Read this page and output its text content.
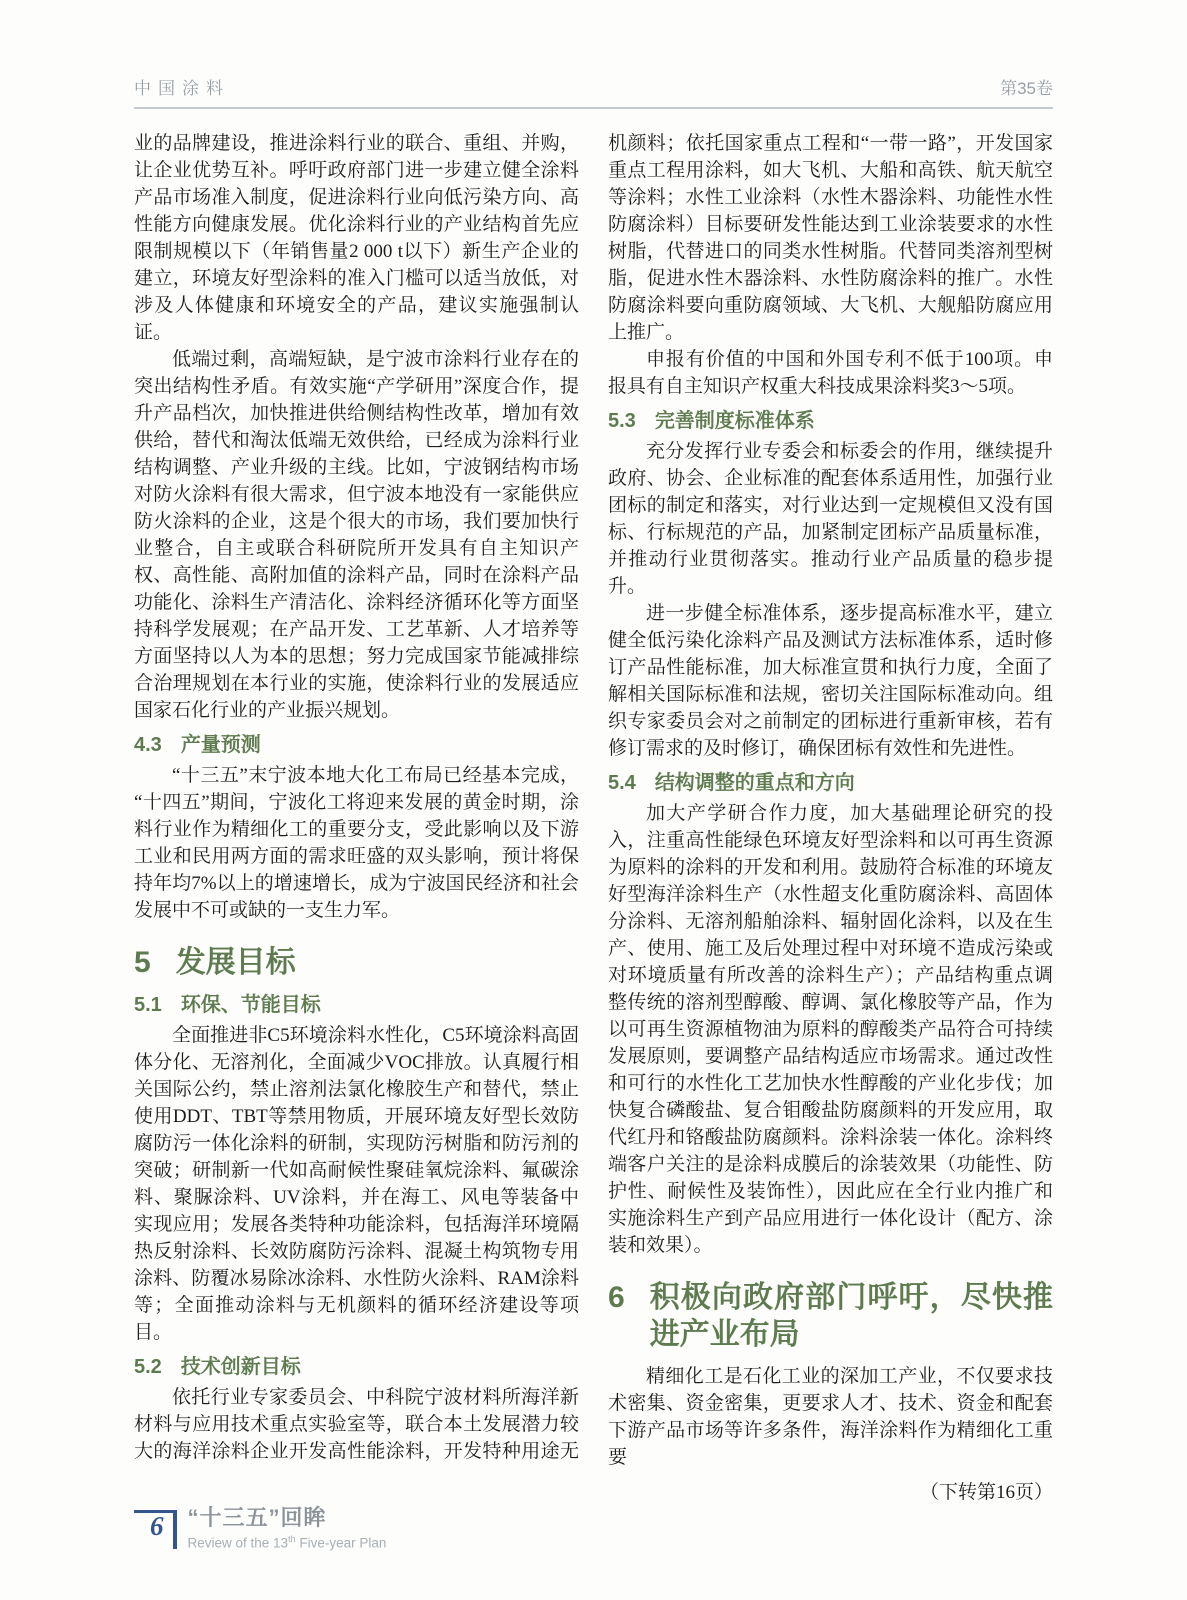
中国涂料	第35卷

业的品牌建设，推进涂料行业的联合、重组、并购，让企业优势互补。呼吁政府部门进一步建立健全涂料产品市场准入制度，促进涂料行业向低污染方向、高性能方向健康发展。优化涂料行业的产业结构首先应限制规模以下（年销售量2 000 t以下）新生产企业的建立，环境友好型涂料的准入门槛可以适当放低，对涉及人体健康和环境安全的产品，建议实施强制认证。

低端过剩，高端短缺，是宁波市涂料行业存在的突出结构性矛盾。有效实施“产学研用”深度合作，提升产品档次，加快推进供给侧结构性改革，增加有效供给，替代和淘汰低端无效供给，已经成为涂料行业结构调整、产业升级的主线。比如，宁波钢结构市场对防火涂料有很大需求，但宁波本地没有一家能供应防火涂料的企业，这是个很大的市场，我们要加快行业整合，自主或联合科研院所开发具有自主知识产权、高性能、高附加值的涂料产品，同时在涂料产品功能化、涂料生产清洁化、涂料经济循环化等方面坚持科学发展观；在产品开发、工艺革新、人才培养等方面坚持以人为本的思想；努力完成国家节能减排综合治理规划在本行业的实施，使涂料行业的发展适应国家石化行业的产业振兴规划。

4.3 产量预测

“十三五”末宁波本地大化工布局已经基本完成，“十四五”期间，宁波化工将迎来发展的黄金时期，涂料行业作为精细化工的重要分支，受此影响以及下游工业和民用两方面的需求旺盛的双头影响，预计将保持年均7%以上的增速增长，成为宁波国民经济和社会发展中不可或缺的一支生力军。

5 发展目标
5.1 环保、节能目标

全面推进非C5环境涂料水性化，C5环境涂料高固体分化、无溶剂化，全面减少VOC排放。认真履行相关国际公约，禁止溶剂法氯化橡胶生产和替代，禁止使用DDT、TBT等禁用物质，开展环境友好型长效防腐防污一体化涂料的研制，实现防污树脂和防污剂的突破；研制新一代如高耐候性聚硅氧烷涂料、氟碳涂料、聚脲涂料、UV涂料，并在海工、风电等装备中实现应用；发展各类特种功能涂料，包括海洋环境隔热反射涂料、长效防腐防污涂料、混凝土构筑物专用涂料、防覆冰易除冰涂料、水性防火涂料、RAM涂料等；全面推动涂料与无机颜料的循环经济建设等项目。

5.2 技术创新目标

依托行业专家委员会、中科院宁波材料所海洋新材料与应用技术重点实验室等，联合本土发展潜力较大的海洋涂料企业开发高性能涂料，开发特种用途无

机颜料；依托国家重点工程和“一带一路”，开发国家重点工程用涂料，如大飞机、大船和高铁、航天航空等涂料；水性工业涂料（水性木器涂料、功能性水性防腐涂料）目标要研发性能达到工业涂装要求的水性树脂，代替进口的同类水性树脂。代替同类溶剂型树脂，促进水性木器涂料、水性防腐涂料的推广。水性防腐涂料要向重防腐领域、大飞机、大舰船防腐应用上推广。

申报有价值的中国和外国专利不低于100项。申报具有自主知识产权重大科技成果涂料奖3～5项。

5.3 完善制度标准体系

充分发挥行业专委会和标委会的作用，继续提升政府、协会、企业标准的配套体系适用性，加强行业团标的制定和落实，对行业达到一定规模但又没有国标、行标规范的产品，加紧制定团标产品质量标准，并推动行业贯彻落实。推动行业产品质量的稳步提升。

进一步健全标准体系，逐步提高标准水平，建立健全低污染化涂料产品及测试方法标准体系，适时修订产品性能标准，加大标准宣贯和执行力度，全面了解相关国际标准和法规，密切关注国际标准动向。组织专家委员会对之前制定的团标进行重新审核，若有修订需求的及时修订，确保团标有效性和先进性。

5.4 结构调整的重点和方向

加大产学研合作力度，加大基础理论研究的投入，注重高性能绿色环境友好型涂料和以可再生资源为原料的涂料的开发和利用。鼓励符合标准的环境友好型海洋涂料生产（水性超支化重防腐涂料、高固体分涂料、无溶剂船舶涂料、辐射固化涂料，以及在生产、使用、施工及后处理过程中对环境不造成污染或对环境质量有所改善的涂料生产）；产品结构重点调整传统的溶剂型醇酸、醇调、氯化橡胶等产品，作为以可再生资源植物油为原料的醇酸类产品符合可持续发展原则，要调整产品结构适应市场需求。通过改性和可行的水性化工艺加快水性醇酸的产业化步伐；加快复合磷酸盐、复合钼酸盐防腐颜料的开发应用，取代红丹和铬酸盐防腐颜料。涂料涂装一体化。涂料终端客户关注的是涂料成膜后的涂装效果（功能性、防护性、耐候性及装饰性），因此应在全行业内推广和实施涂料生产到产品应用进行一体化设计（配方、涂装和效果）。

6 积极向政府部门呼吁，尽快推进产业布局

精细化工是石化工业的深加工产业，不仅要求技术密集、资金密集，更要求人才、技术、资金和配套下游产品市场等许多条件，海洋涂料作为精细化工重要

（下转第16页）

6	“十三五”回眸
Review of the 13th Five-year Plan
